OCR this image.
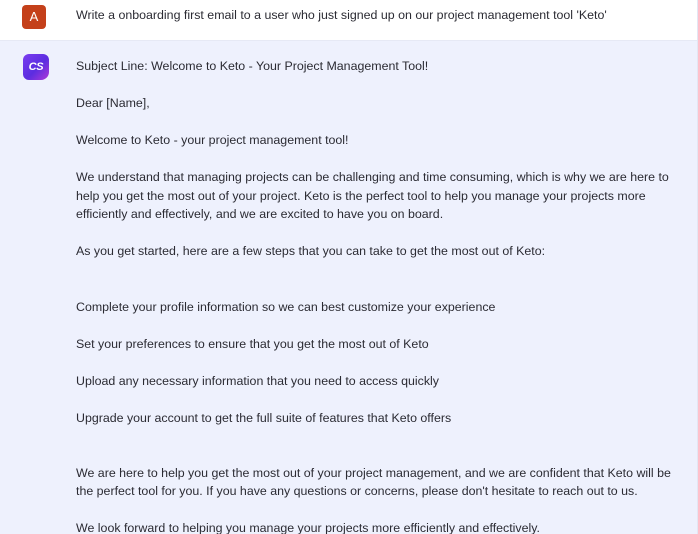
A	Write a onboarding first email to a user who just signed up on our project management tool 'Keto'

CS	Subject Line: Welcome to Keto - Your Project Management Tool!

Dear [Name],

Welcome to Keto - your project management tool!

We understand that managing projects can be challenging and time consuming, which is why we are here to help you get the most out of your project. Keto is the perfect tool to help you manage your projects more efficiently and effectively, and we are excited to have you on board.

As you get started, here are a few steps that you can take to get the most out of Keto:

Complete your profile information so we can best customize your experience

Set your preferences to ensure that you get the most out of Keto

Upload any necessary information that you need to access quickly

Upgrade your account to get the full suite of features that Keto offers

We are here to help you get the most out of your project management, and we are confident that Keto will be the perfect tool for you. If you have any questions or concerns, please don't hesitate to reach out to us.

We look forward to helping you manage your projects more efficiently and effectively.
